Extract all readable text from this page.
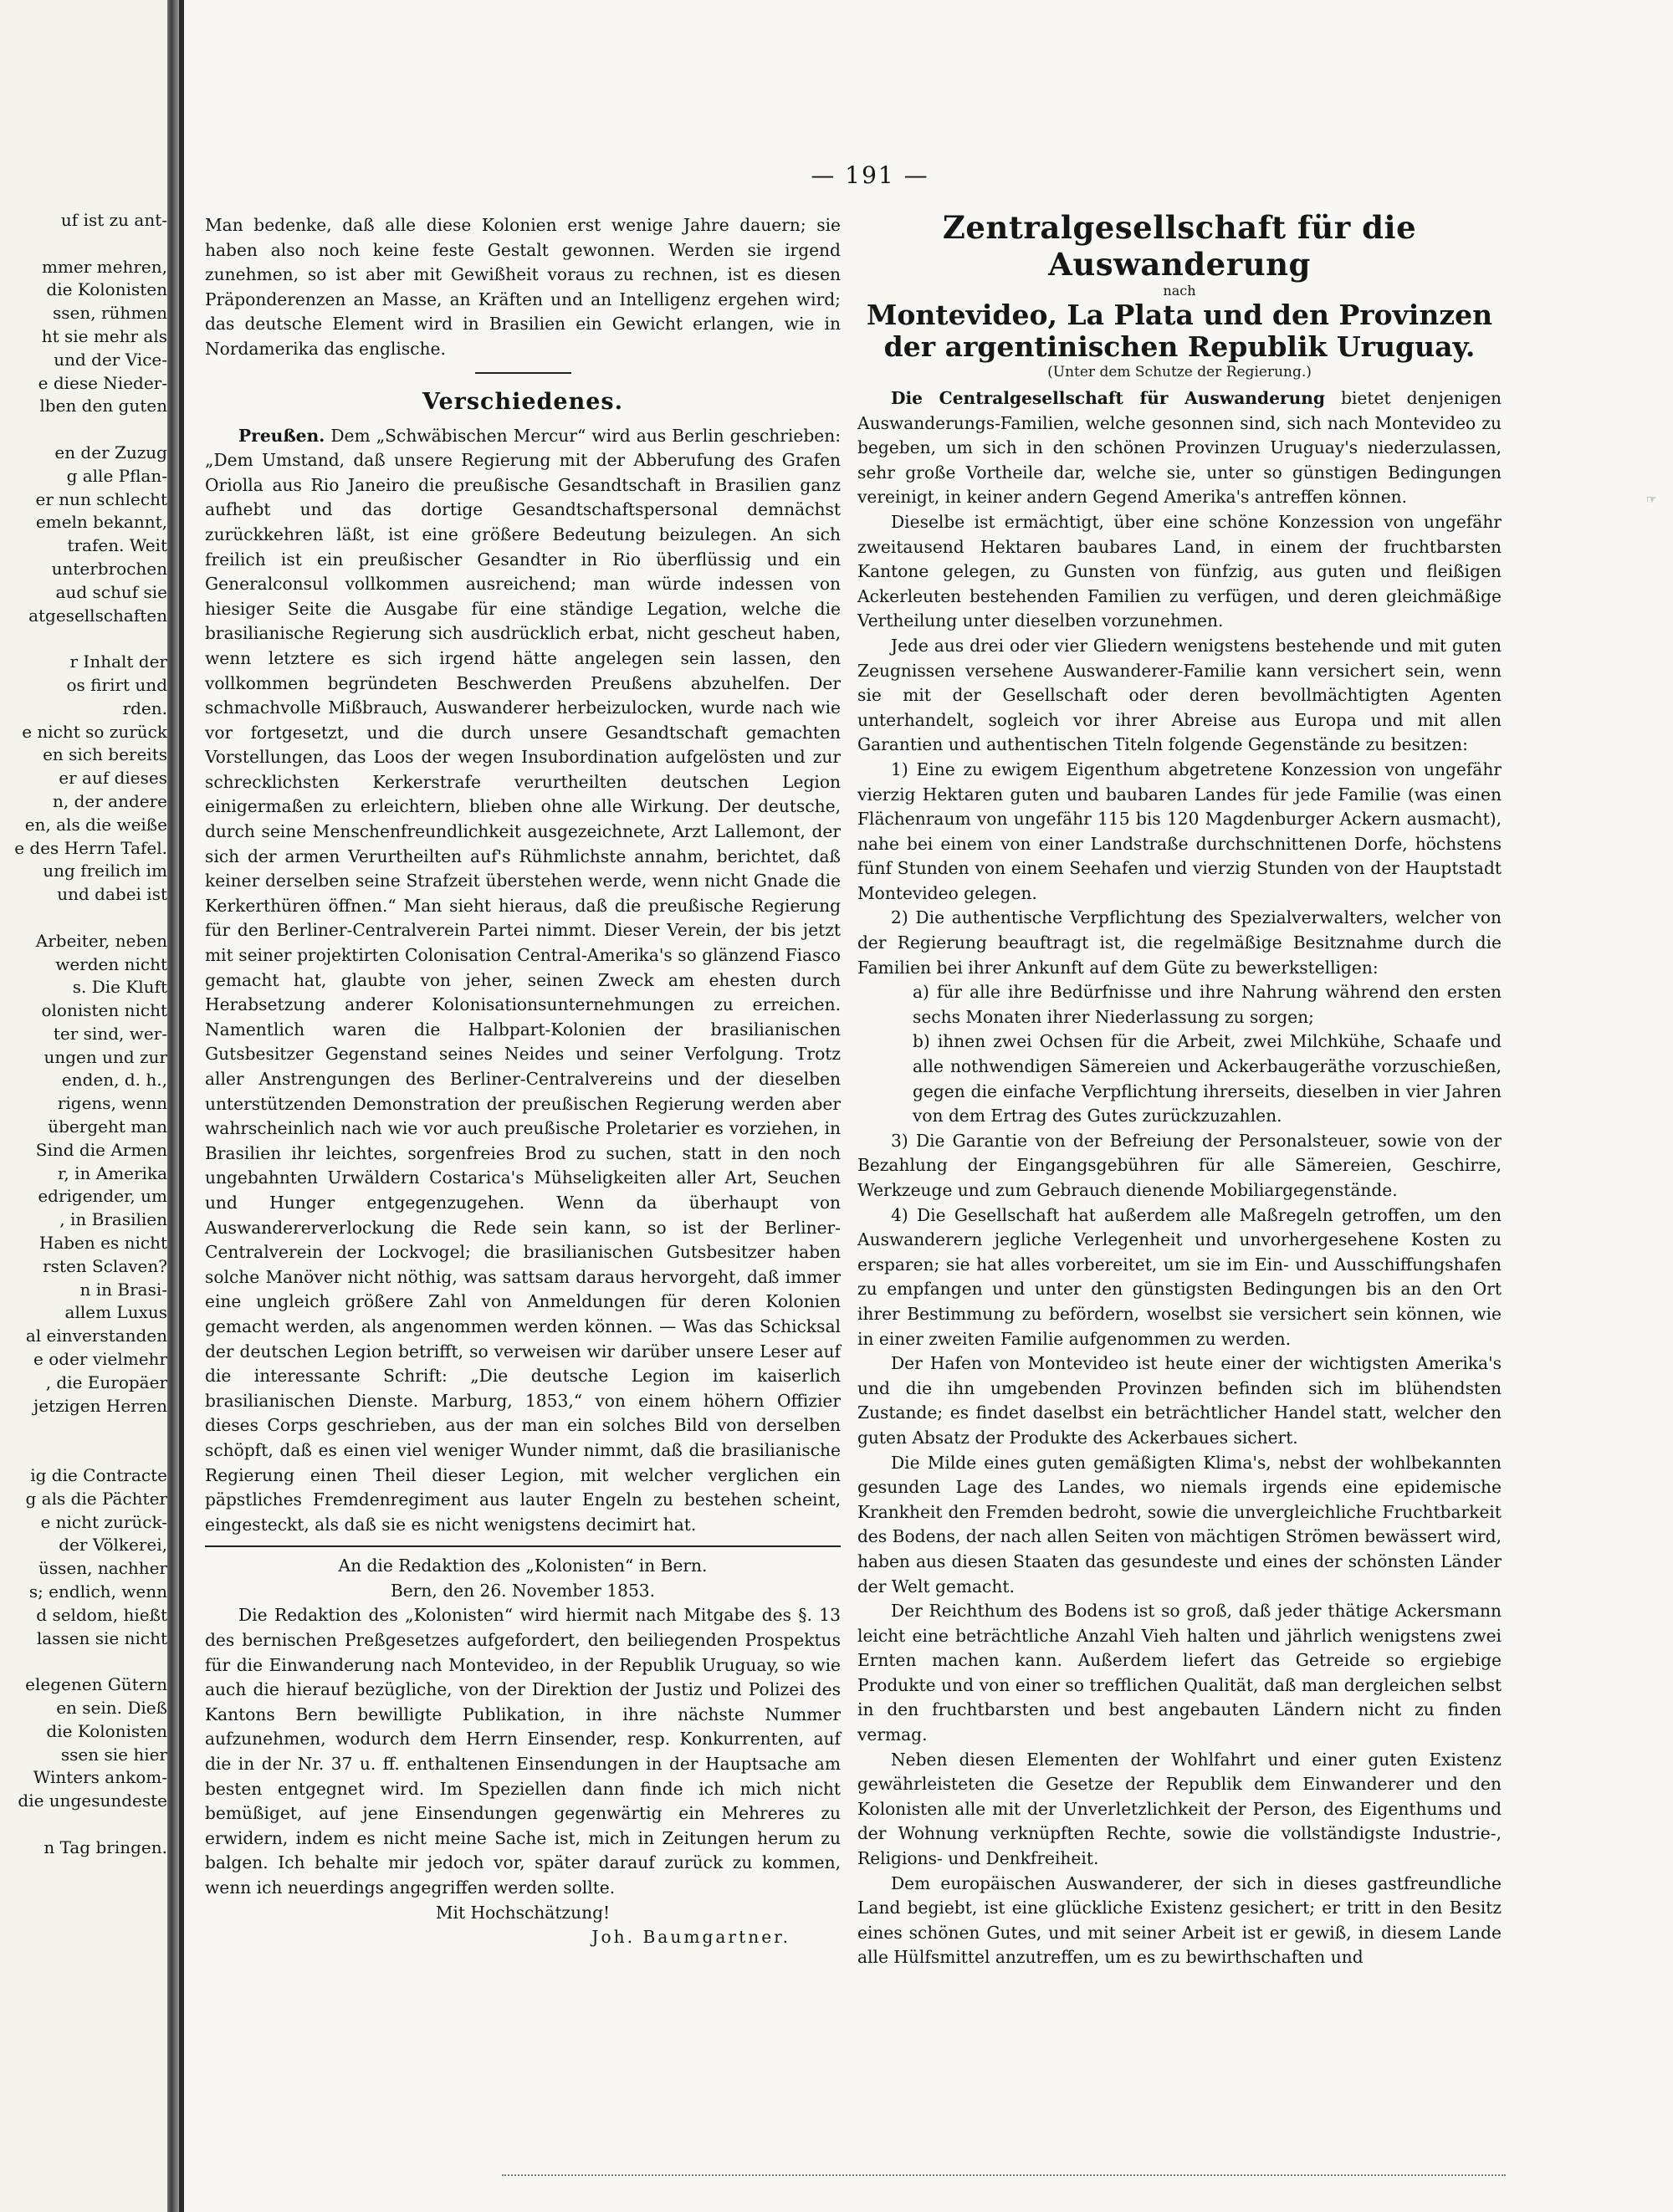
uf ist zu ant-
mmer mehren,
die Kolonisten
ssen, rühmen
ht sie mehr als
und der Vice-
e diese Nieder-
lben den guten
en der Zuzug
g alle Pflan-
er nun schlecht
emeln bekannt,
trafen. Weit
unterbrochen
aud schuf sie
atgesellschaften
r Inhalt der
os firirt und
rden.
e nicht so zurück
en sich bereits
er auf dieses
n, der andere
en, als die weiße
e des Herrn Tafel.
ung freilich im
und dabei ist
Arbeiter, neben
werden nicht
s. Die Kluft
olonisten nicht
ter sind, wer-
ungen und zur
enden, d. h.,
rigens, wenn
übergeht man
Sind die Armen
r, in Amerika
edrigender, um
, in Brasilien
Haben es nicht
rsten Sclaven?
n in Brasi-
allem Luxus
al einverstanden
e oder vielmehr
, die Europäer
jetzigen Herren
ig die Contracte
g als die Pächter
e nicht zurück-
der Völkerei,
üssen, nachher
s; endlich, wenn
d seldom, hießt
lassen sie nicht
elegenen Gütern
en sein. Dieß
die Kolonisten
ssen sie hier
Winters ankom-
die ungesundeste
n Tag bringen.
— 191 —

Man bedenke, daß alle diese Kolonien erst wenige Jahre dauern; sie haben also noch keine feste Gestalt gewonnen. Werden sie irgend zunehmen, so ist aber mit Gewißheit voraus zu rechnen, ist es diesen Präponderenzen an Masse, an Kräften und an Intelligenz ergehen wird; das deutsche Element wird in Brasilien ein Gewicht erlangen, wie in Nordamerika das englische.

Verschiedenes.

Preußen. Dem „Schwäbischen Mercur“ wird aus Berlin geschrieben: „Dem Umstand, daß unsere Regierung mit der Abberufung des Grafen Oriolla aus Rio Janeiro die preußische Gesandtschaft in Brasilien ganz aufhebt und das dortige Gesandtschaftspersonal demnächst zurückkehren läßt, ist eine größere Bedeutung beizulegen. An sich freilich ist ein preußischer Gesandter in Rio überflüssig und ein Generalconsul vollkommen ausreichend; man würde indessen von hiesiger Seite die Ausgabe für eine ständige Legation, welche die brasilianische Regierung sich ausdrücklich erbat, nicht gescheut haben, wenn letztere es sich irgend hätte angelegen sein lassen, den vollkommen begründeten Beschwerden Preußens abzuhelfen. Der schmachvolle Mißbrauch, Auswanderer herbeizulocken, wurde nach wie vor fortgesetzt, und die durch unsere Gesandtschaft gemachten Vorstellungen, das Loos der wegen Insubordination aufgelösten und zur schrecklichsten Kerkerstrafe verurtheilten deutschen Legion einigermaßen zu erleichtern, blieben ohne alle Wirkung. Der deutsche, durch seine Menschenfreundlichkeit ausgezeichnete, Arzt Lallemont, der sich der armen Verurtheilten auf's Rühmlichste annahm, berichtet, daß keiner derselben seine Strafzeit überstehen werde, wenn nicht Gnade die Kerkerthüren öffnen.“ Man sieht hieraus, daß die preußische Regierung für den Berliner-Centralverein Partei nimmt. Dieser Verein, der bis jetzt mit seiner projektirten Colonisation Central-Amerika's so glänzend Fiasco gemacht hat, glaubte von jeher, seinen Zweck am ehesten durch Herabsetzung anderer Kolonisationsunternehmungen zu erreichen. Namentlich waren die Halbpart-Kolonien der brasilianischen Gutsbesitzer Gegenstand seines Neides und seiner Verfolgung. Trotz aller Anstrengungen des Berliner-Centralvereins und der dieselben unterstützenden Demonstration der preußischen Regierung werden aber wahrscheinlich nach wie vor auch preußische Proletarier es vorziehen, in Brasilien ihr leichtes, sorgenfreies Brod zu suchen, statt in den noch ungebahnten Urwäldern Costarica's Mühseligkeiten aller Art, Seuchen und Hunger entgegenzugehen. Wenn da überhaupt von Auswandererverlockung die Rede sein kann, so ist der Berliner-Centralverein der Lockvogel; die brasilianischen Gutsbesitzer haben solche Manöver nicht nöthig, was sattsam daraus hervorgeht, daß immer eine ungleich größere Zahl von Anmeldungen für deren Kolonien gemacht werden, als angenommen werden können. — Was das Schicksal der deutschen Legion betrifft, so verweisen wir darüber unsere Leser auf die interessante Schrift: „Die deutsche Legion im kaiserlich brasilianischen Dienste. Marburg, 1853,“ von einem höhern Offizier dieses Corps geschrieben, aus der man ein solches Bild von derselben schöpft, daß es einen viel weniger Wunder nimmt, daß die brasilianische Regierung einen Theil dieser Legion, mit welcher verglichen ein päpstliches Fremdenregiment aus lauter Engeln zu bestehen scheint, eingesteckt, als daß sie es nicht wenigstens decimirt hat.

An die Redaktion des „Kolonisten“ in Bern.
Bern, den 26. November 1853.

Die Redaktion des „Kolonisten“ wird hiermit nach Mitgabe des §. 13 des bernischen Preßgesetzes aufgefordert, den beiliegenden Prospektus für die Einwanderung nach Montevideo, in der Republik Uruguay, so wie auch die hierauf bezügliche, von der Direktion der Justiz und Polizei des Kantons Bern bewilligte Publikation, in ihre nächste Nummer aufzunehmen, wodurch dem Herrn Einsender, resp. Konkurrenten, auf die in der Nr. 37 u. ff. enthaltenen Einsendungen in der Hauptsache am besten entgegnet wird. Im Speziellen dann finde ich mich nicht bemüßiget, auf jene Einsendungen gegenwärtig ein Mehreres zu erwidern, indem es nicht meine Sache ist, mich in Zeitungen herum zu balgen. Ich behalte mir jedoch vor, später darauf zurück zu kommen, wenn ich neuerdings angegriffen werden sollte.

Mit Hochschätzung!
Joh. Baumgartner.
Zentralgesellschaft für die Auswanderung
nach
Montevideo, La Plata und den Provinzen der argentinischen Republik Uruguay.
(Unter dem Schutze der Regierung.)

Die Centralgesellschaft für Auswanderung bietet denjenigen Auswanderungs-Familien, welche gesonnen sind, sich nach Montevideo zu begeben, um sich in den schönen Provinzen Uruguay's niederzulassen, sehr große Vortheile dar, welche sie, unter so günstigen Bedingungen vereinigt, in keiner andern Gegend Amerika's antreffen können.

Dieselbe ist ermächtigt, über eine schöne Konzession von ungefähr zweitausend Hektaren baubares Land, in einem der fruchtbarsten Kantone gelegen, zu Gunsten von fünfzig, aus guten und fleißigen Ackerleuten bestehenden Familien zu verfügen, und deren gleichmäßige Vertheilung unter dieselben vorzunehmen.

Jede aus drei oder vier Gliedern wenigstens bestehende und mit guten Zeugnissen versehene Auswanderer-Familie kann versichert sein, wenn sie mit der Gesellschaft oder deren bevollmächtigten Agenten unterhandelt, sogleich vor ihrer Abreise aus Europa und mit allen Garantien und authentischen Titeln folgende Gegenstände zu besitzen:

1) Eine zu ewigem Eigenthum abgetretene Konzession von ungefähr vierzig Hektaren guten und baubaren Landes für jede Familie (was einen Flächenraum von ungefähr 115 bis 120 Magdenburger Ackern ausmacht), nahe bei einem von einer Landstraße durchschnittenen Dorfe, höchstens fünf Stunden von einem Seehafen und vierzig Stunden von der Hauptstadt Montevideo gelegen.

2) Die authentische Verpflichtung des Spezialverwalters, welcher von der Regierung beauftragt ist, die regelmäßige Besitznahme durch die Familien bei ihrer Ankunft auf dem Güte zu bewerkstelligen:

a) für alle ihre Bedürfnisse und ihre Nahrung während den ersten sechs Monaten ihrer Niederlassung zu sorgen;

b) ihnen zwei Ochsen für die Arbeit, zwei Milchkühe, Schaafe und alle nothwendigen Sämereien und Ackerbaugeräthe vorzuschießen, gegen die einfache Verpflichtung ihrerseits, dieselben in vier Jahren von dem Ertrag des Gutes zurückzuzahlen.

3) Die Garantie von der Befreiung der Personalsteuer, sowie von der Bezahlung der Eingangsgebühren für alle Sämereien, Geschirre, Werkzeuge und zum Gebrauch dienende Mobiliargegenstände.

4) Die Gesellschaft hat außerdem alle Maßregeln getroffen, um den Auswanderern jegliche Verlegenheit und unvorhergesehene Kosten zu ersparen; sie hat alles vorbereitet, um sie im Ein- und Ausschiffungshafen zu empfangen und unter den günstigsten Bedingungen bis an den Ort ihrer Bestimmung zu befördern, woselbst sie versichert sein können, wie in einer zweiten Familie aufgenommen zu werden.

Der Hafen von Montevideo ist heute einer der wichtigsten Amerika's und die ihn umgebenden Provinzen befinden sich im blühendsten Zustande; es findet daselbst ein beträchtlicher Handel statt, welcher den guten Absatz der Produkte des Ackerbaues sichert.

Die Milde eines guten gemäßigten Klima's, nebst der wohlbekannten gesunden Lage des Landes, wo niemals irgends eine epidemische Krankheit den Fremden bedroht, sowie die unvergleichliche Fruchtbarkeit des Bodens, der nach allen Seiten von mächtigen Strömen bewässert wird, haben aus diesen Staaten das gesundeste und eines der schönsten Länder der Welt gemacht.

Der Reichthum des Bodens ist so groß, daß jeder thätige Ackersmann leicht eine beträchtliche Anzahl Vieh halten und jährlich wenigstens zwei Ernten machen kann. Außerdem liefert das Getreide so ergiebige Produkte und von einer so trefflichen Qualität, daß man dergleichen selbst in den fruchtbarsten und best angebauten Ländern nicht zu finden vermag.

Neben diesen Elementen der Wohlfahrt und einer guten Existenz gewährleisteten die Gesetze der Republik dem Einwanderer und den Kolonisten alle mit der Unverletzlichkeit der Person, des Eigenthums und der Wohnung verknüpften Rechte, sowie die vollständigste Industrie-, Religions- und Denkfreiheit.

Dem europäischen Auswanderer, der sich in dieses gastfreundliche Land begiebt, ist eine glückliche Existenz gesichert; er tritt in den Besitz eines schönen Gutes, und mit seiner Arbeit ist er gewiß, in diesem Lande alle Hülfsmittel anzutreffen, um es zu bewirthschaften und

☞
